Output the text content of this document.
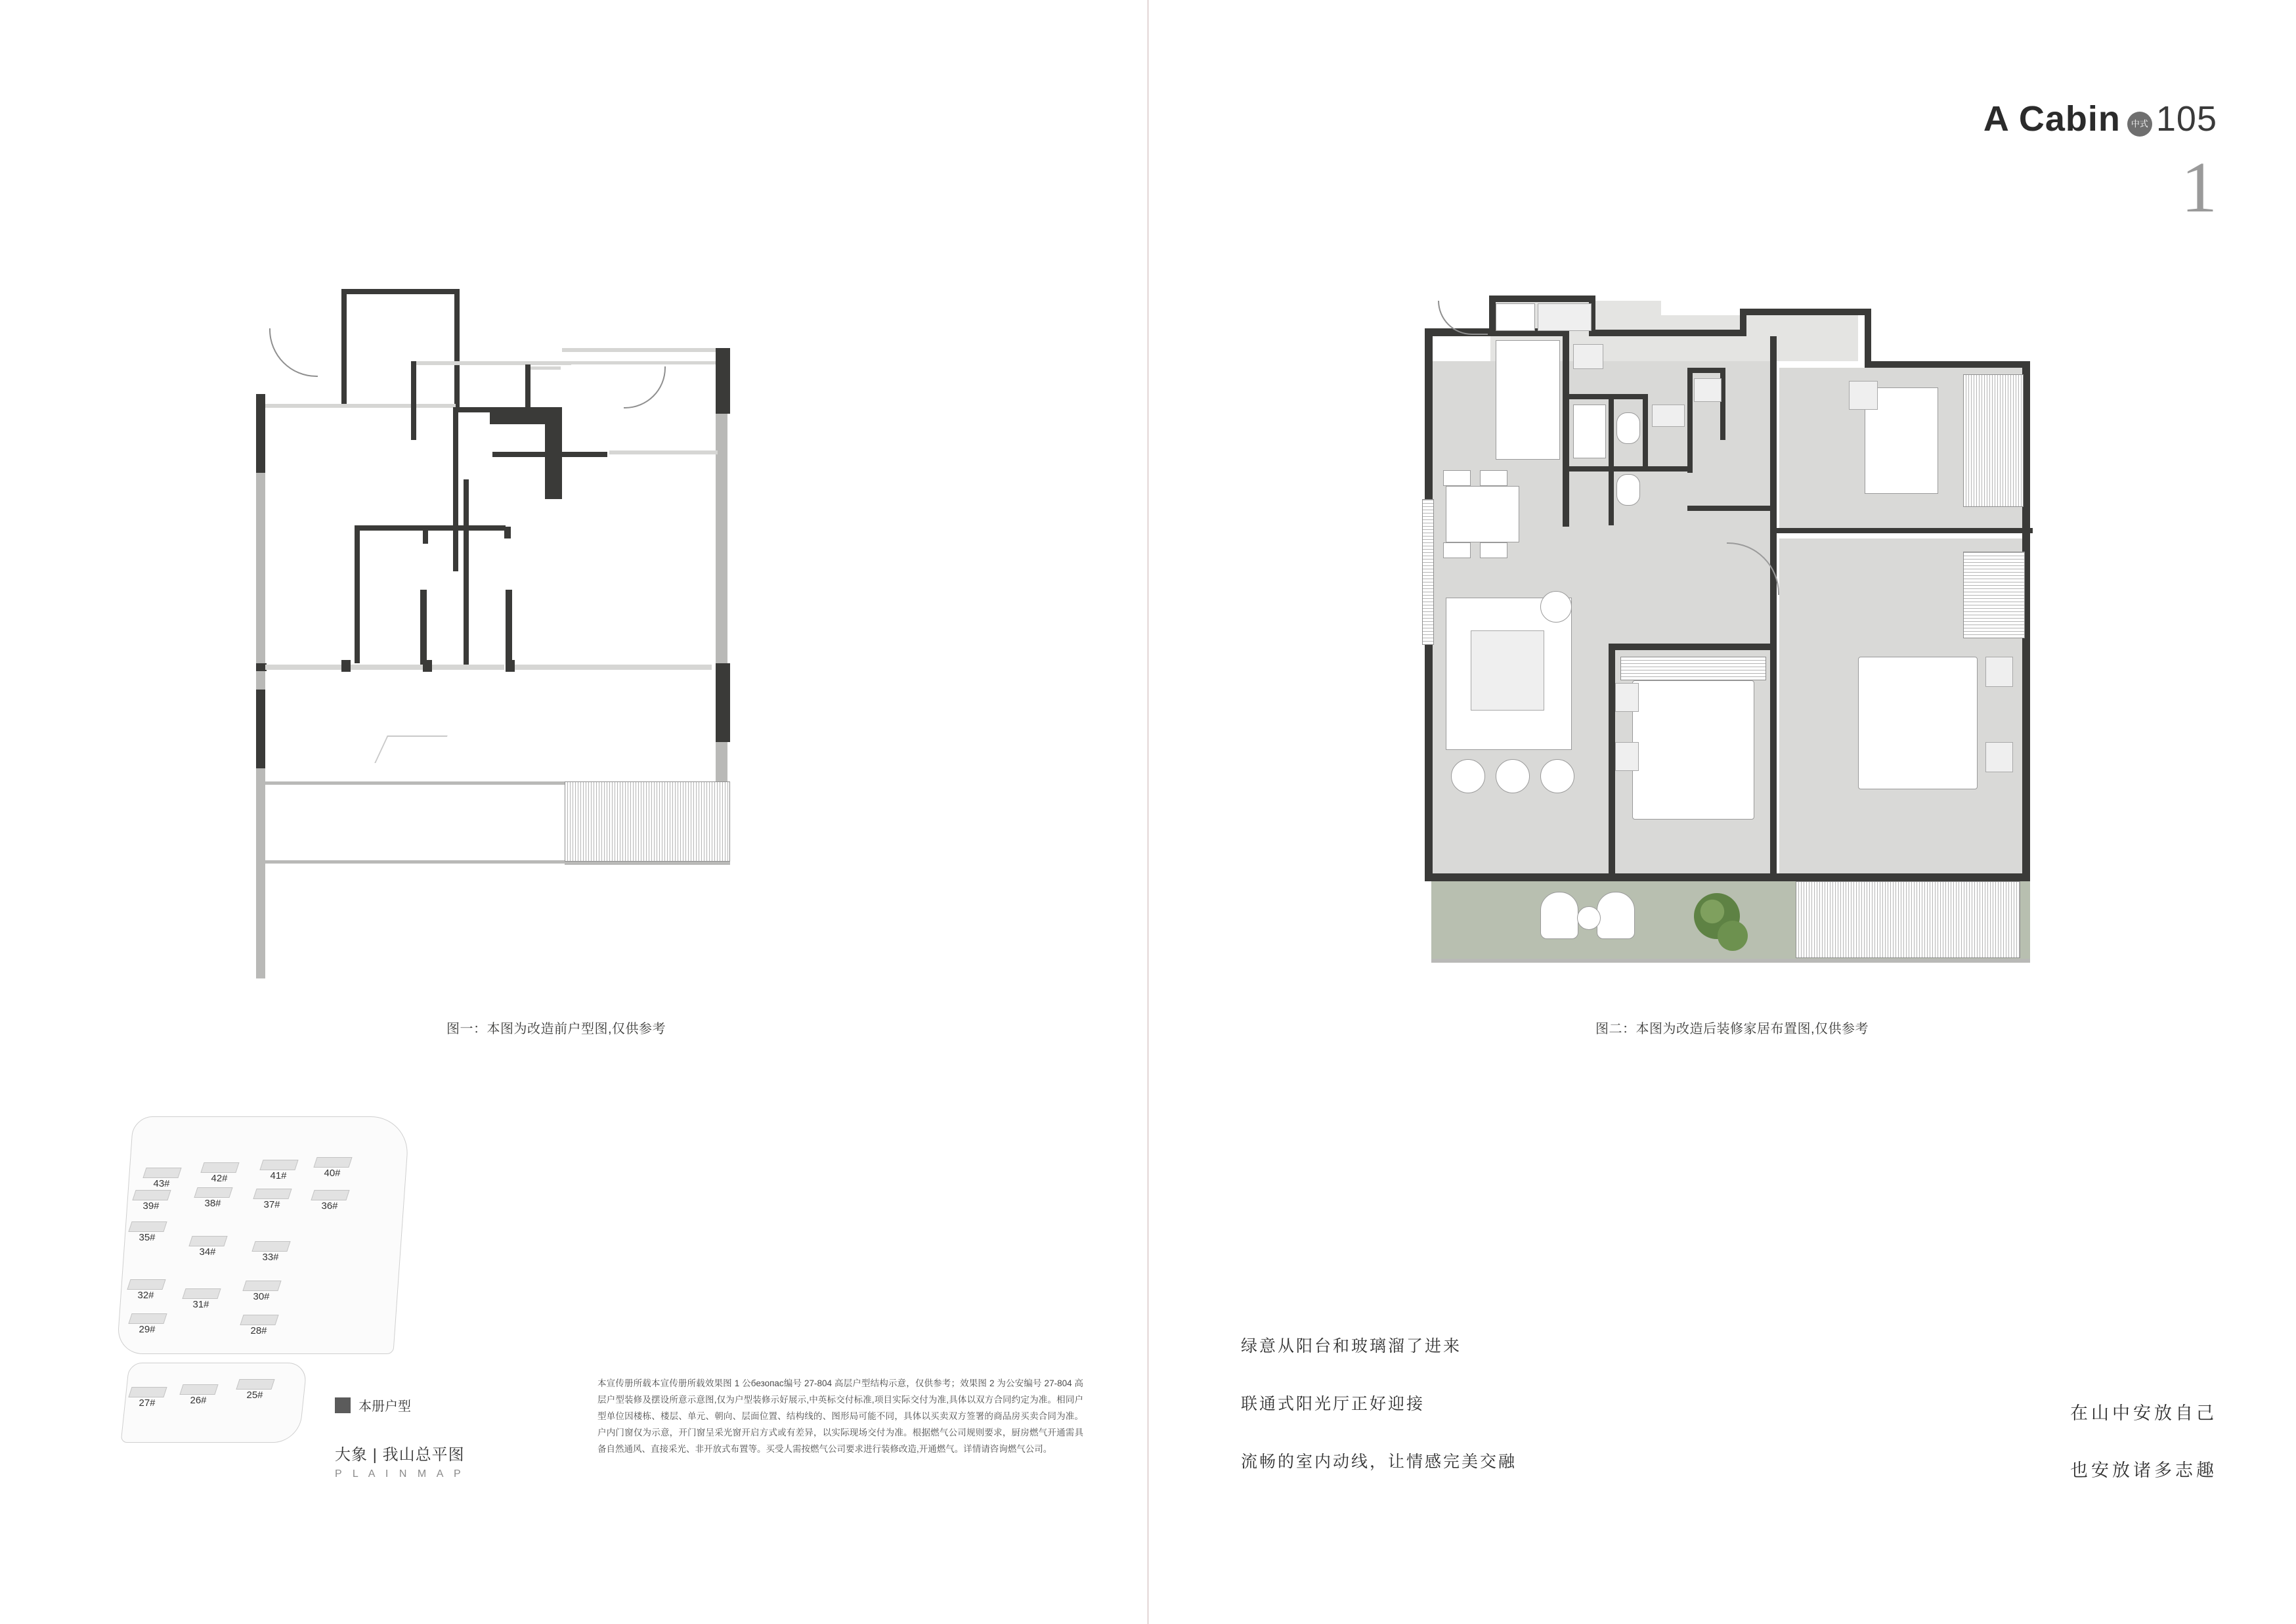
图一：本图为改造前户型图,仅供参考
43#	42#	41#	40#
39#	38#	37#	36#
35#
34#	33#
32#
31#
30#
29#	28#
27#	26#	25#
本册户型
大象 | 我山总平图
P L A I N M A P
本宣传册所载本宣传册所载效果图 1 公безопас编号 27-804 高层户型结构示意，仅供参考；效果图 2 为公安编号 27-804 高层户型装修及摆设所意示意图,仅为户型装修示好展示,中英标交付标准,项目实际交付为准,具体以双方合同约定为准。相同户型单位因楼栋、楼层、单元、朝向、层面位置、结构线的、图形局可能不同，具体以买卖双方签署的商品房买卖合同为准。户内门窗仅为示意，开门窗呈采光窗开启方式或有差异，以实际现场交付为准。根据燃气公司规则要求，厨房燃气开通需具备自然通风、直接采光、非开放式布置等。买受人需按燃气公司要求进行装修改造,开通燃气。详情请咨询燃气公司。
A Cabin 中式 105
1
图二：本图为改造后装修家居布置图,仅供参考
绿意从阳台和玻璃溜了进来
联通式阳光厅正好迎接
流畅的室内动线，让情感完美交融
在山中安放自己
也安放诸多志趣
